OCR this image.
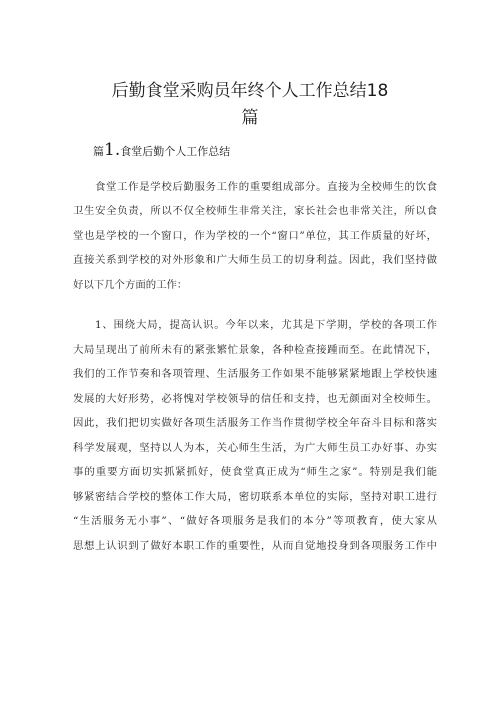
后勤食堂采购员年终个人工作总结18
篇
篇1.食堂后勤个人工作总结
食堂工作是学校后勤服务工作的重要组成部分。直接为全校师生的饮食
卫生安全负责，所以不仅全校师生非常关注，家长社会也非常关注，所以食
堂也是学校的一个窗口，作为学校的一个“窗口”单位，其工作质量的好坏，
直接关系到学校的对外形象和广大师生员工的切身利益。因此，我们坚持做
好以下几个方面的工作：
1、围绕大局，提高认识。今年以来，尤其是下学期，学校的各项工作
大局呈现出了前所未有的紧张繁忙景象，各种检查接踵而至。在此情况下，
我们的工作节奏和各项管理、生活服务工作如果不能够紧紧地跟上学校快速
发展的大好形势，必将愧对学校领导的信任和支持，也无颜面对全校师生。
因此，我们把切实做好各项生活服务工作当作贯彻学校全年奋斗目标和落实
科学发展观，坚持以人为本，关心师生生活，为广大师生员工办好事、办实
事的重要方面切实抓紧抓好，使食堂真正成为“师生之家”。特别是我们能
够紧密结合学校的整体工作大局，密切联系本单位的实际，坚持对职工进行
“生活服务无小事”、“做好各项服务是我们的本分”等项教育，使大家从
思想上认识到了做好本职工作的重要性，从而自觉地投身到各项服务工作中
